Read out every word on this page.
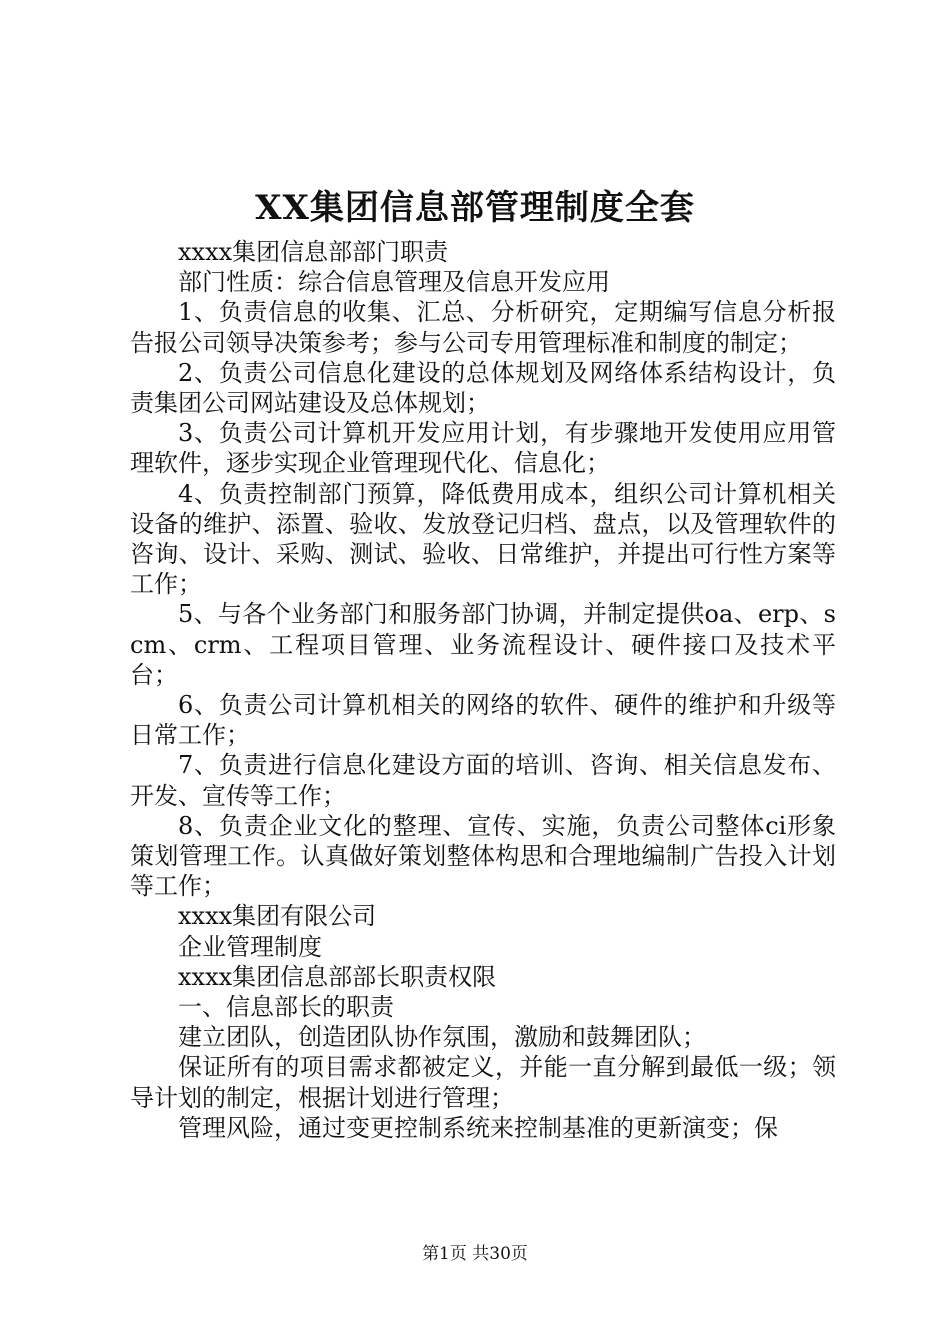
XX集团信息部管理制度全套

xxxx集团信息部部门职责

部门性质：综合信息管理及信息开发应用

1、负责信息的收集、汇总、分析研究，定期编写信息分析报告报公司领导决策参考；参与公司专用管理标准和制度的制定；

2、负责公司信息化建设的总体规划及网络体系结构设计，负责集团公司网站建设及总体规划；

3、负责公司计算机开发应用计划，有步骤地开发使用应用管理软件，逐步实现企业管理现代化、信息化；

4、负责控制部门预算，降低费用成本，组织公司计算机相关设备的维护、添置、验收、发放登记归档、盘点，以及管理软件的咨询、设计、采购、测试、验收、日常维护，并提出可行性方案等工作；

5、与各个业务部门和服务部门协调，并制定提供oa、erp、scm、crm、工程项目管理、业务流程设计、硬件接口及技术平台；

6、负责公司计算机相关的网络的软件、硬件的维护和升级等日常工作；

7、负责进行信息化建设方面的培训、咨询、相关信息发布、开发、宣传等工作；

8、负责企业文化的整理、宣传、实施，负责公司整体ci形象策划管理工作。认真做好策划整体构思和合理地编制广告投入计划等工作；

xxxx集团有限公司

企业管理制度

xxxx集团信息部部长职责权限

一、信息部长的职责

建立团队，创造团队协作氛围，激励和鼓舞团队；

保证所有的项目需求都被定义，并能一直分解到最低一级；领导计划的制定，根据计划进行管理；

管理风险，通过变更控制系统来控制基准的更新演变；保

第1页 共30页
